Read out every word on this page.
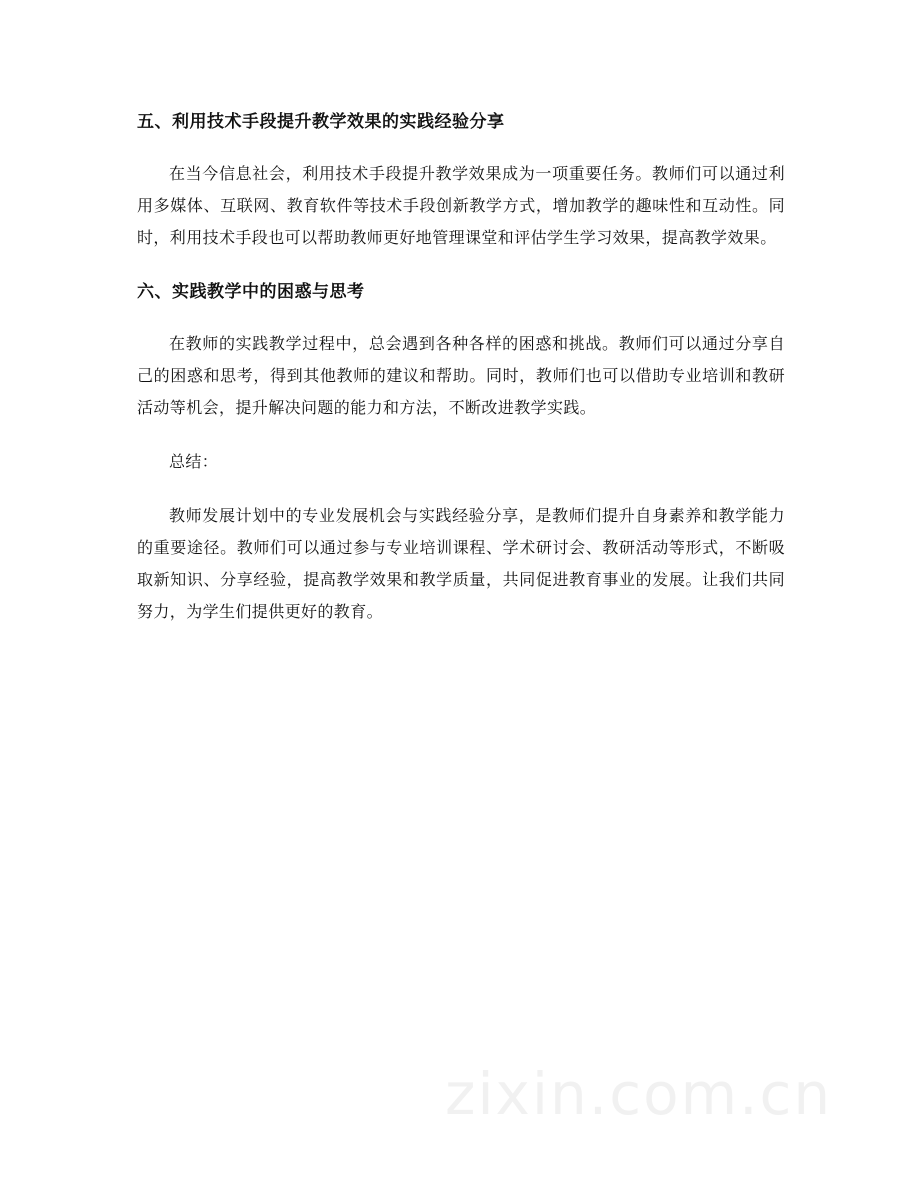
五、利用技术手段提升教学效果的实践经验分享

在当今信息社会，利用技术手段提升教学效果成为一项重要任务。教师们可以通过利用多媒体、互联网、教育软件等技术手段创新教学方式，增加教学的趣味性和互动性。同时，利用技术手段也可以帮助教师更好地管理课堂和评估学生学习效果，提高教学效果。

六、实践教学中的困惑与思考

在教师的实践教学过程中，总会遇到各种各样的困惑和挑战。教师们可以通过分享自己的困惑和思考，得到其他教师的建议和帮助。同时，教师们也可以借助专业培训和教研活动等机会，提升解决问题的能力和方法，不断改进教学实践。

总结：

教师发展计划中的专业发展机会与实践经验分享，是教师们提升自身素养和教学能力的重要途径。教师们可以通过参与专业培训课程、学术研讨会、教研活动等形式，不断吸取新知识、分享经验，提高教学效果和教学质量，共同促进教育事业的发展。让我们共同努力，为学生们提供更好的教育。

zixin.com.cn
